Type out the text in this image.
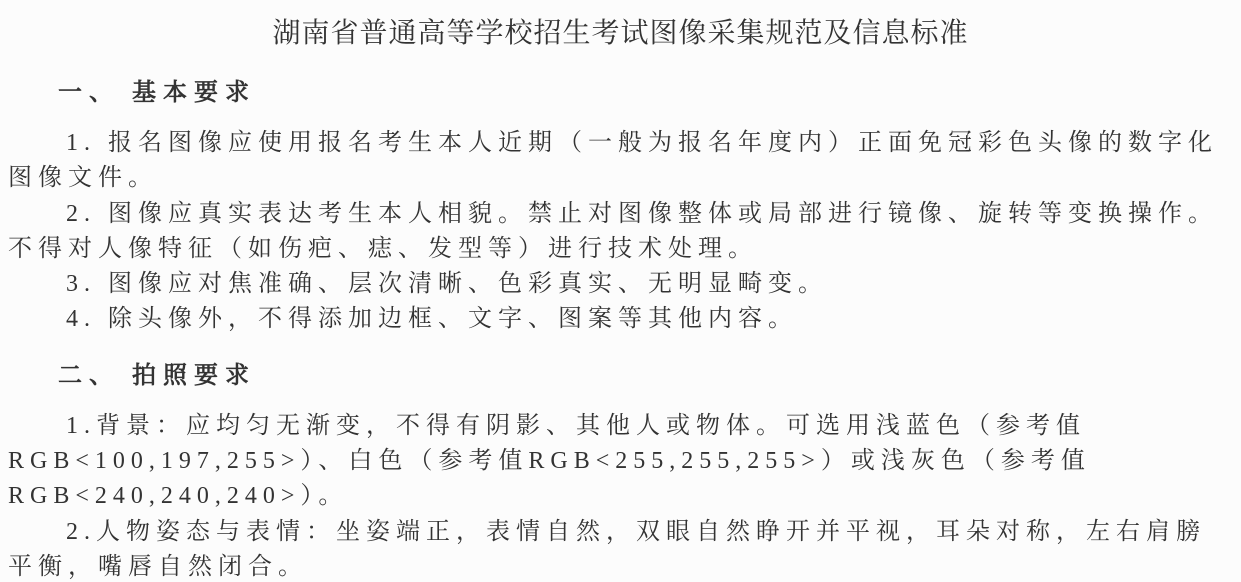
湖南省普通高等学校招生考试图像采集规范及信息标准
一、 基本要求

1. 报名图像应使用报名考生本人近期（一般为报名年度内）正面免冠彩色头像的数字化图像文件。

2. 图像应真实表达考生本人相貌。禁止对图像整体或局部进行镜像、旋转等变换操作。不得对人像特征（如伤疤、痣、发型等）进行技术处理。

3. 图像应对焦准确、层次清晰、色彩真实、无明显畸变。

4. 除头像外，不得添加边框、文字、图案等其他内容。

二、 拍照要求

1.背景：应均匀无渐变，不得有阴影、其他人或物体。可选用浅蓝色（参考值RGB<100,197,255>）、白色（参考值RGB<255,255,255>）或浅灰色（参考值RGB<240,240,240>）。

2.人物姿态与表情：坐姿端正，表情自然，双眼自然睁开并平视，耳朵对称，左右肩膀平衡，嘴唇自然闭合。
